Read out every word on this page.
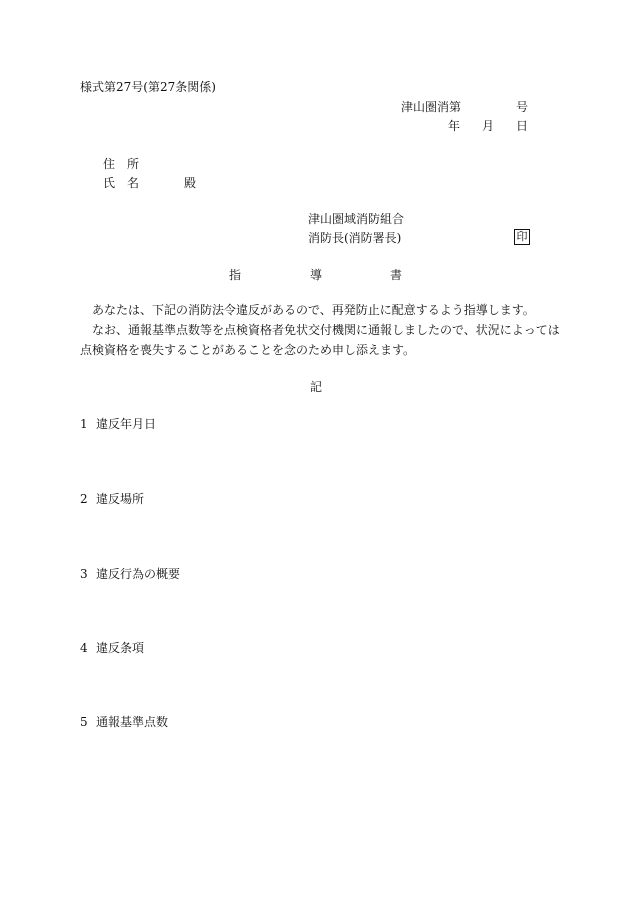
様式第27号(第27条関係)
津山圏消第	号
年 月 日
住　所
氏　名	殿
津山圏域消防組合
消防長(消防署長)	印
指	導	書
あなたは、下記の消防法令違反があるので、再発防止に配意するよう指導します。
なお、通報基準点数等を点検資格者免状交付機関に通報しましたので、状況によっては
点検資格を喪失することがあることを念のため申し添えます。
記
1 違反年月日
2 違反場所
3 違反行為の概要
4 違反条項
5 通報基準点数
